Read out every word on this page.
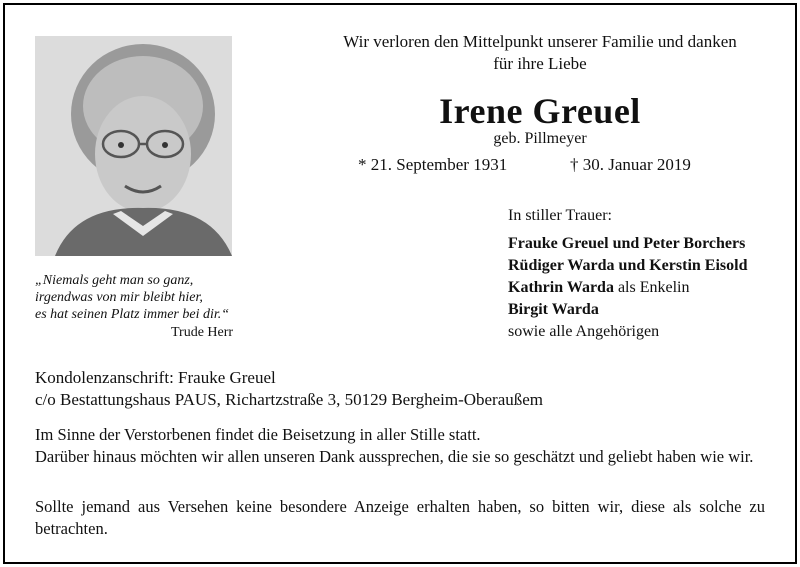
„Niemals geht man so ganz,
irgendwas von mir bleibt hier,
es hat seinen Platz immer bei dir.“
Trude Herr
Wir verloren den Mittelpunkt unserer Familie und danken
für ihre Liebe
Irene Greuel
geb. Pillmeyer
* 21. September 1931	† 30. Januar 2019
In stiller Trauer:
Frauke Greuel und Peter Borchers
Rüdiger Warda und Kerstin Eisold
Kathrin Warda als Enkelin
Birgit Warda
sowie alle Angehörigen
Kondolenzanschrift: Frauke Greuel
c/o Bestattungshaus PAUS, Richartzstraße 3, 50129 Bergheim-Oberaußem
Im Sinne der Verstorbenen findet die Beisetzung in aller Stille statt.
Darüber hinaus möchten wir allen unseren Dank aussprechen, die sie so geschätzt und geliebt haben wie wir.
Sollte jemand aus Versehen keine besondere Anzeige erhalten haben, so bitten wir, diese als solche zu betrachten.
